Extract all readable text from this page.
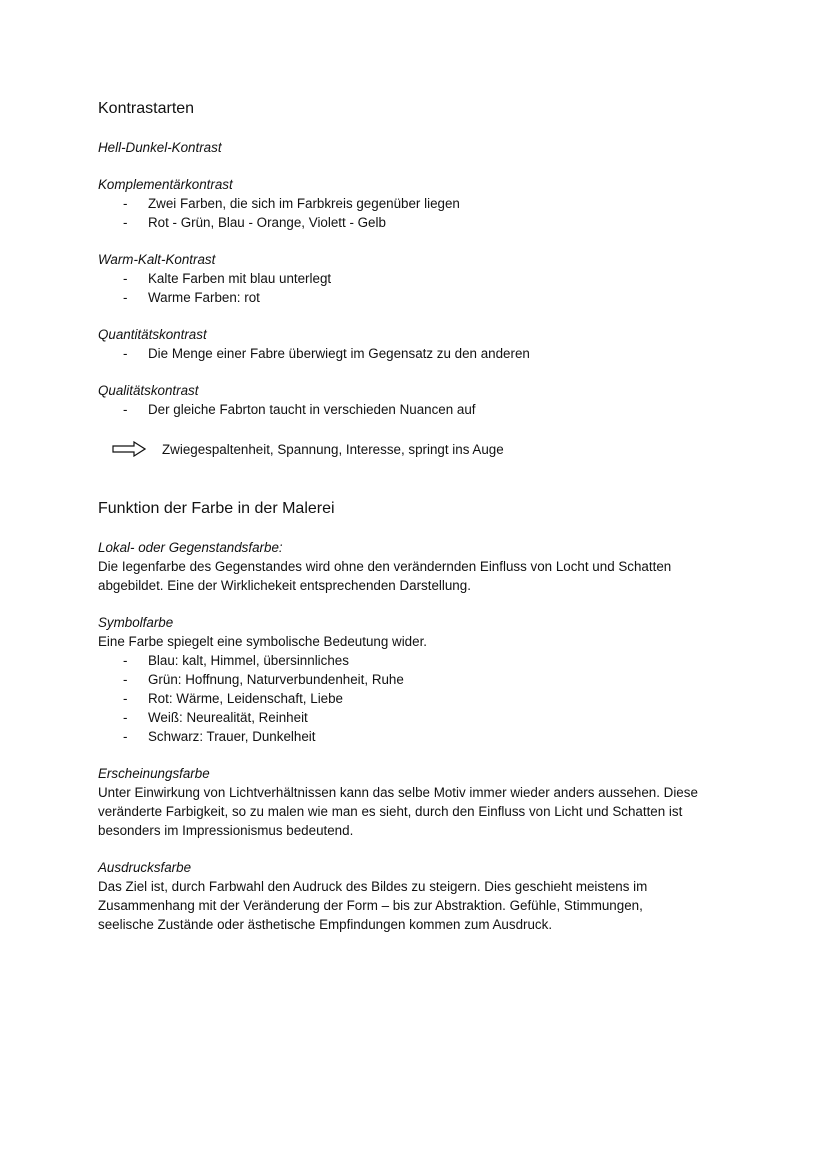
Kontrastarten

Hell-Dunkel-Kontrast

Komplementärkontrast

- Zwei Farben, die sich im Farbkreis gegenüber liegen
- Rot - Grün, Blau - Orange, Violett - Gelb

Warm-Kalt-Kontrast

- Kalte Farben mit blau unterlegt
- Warme Farben: rot

Quantitätskontrast

- Die Menge einer Fabre überwiegt im Gegensatz zu den anderen

Qualitätskontrast

- Der gleiche Fabrton taucht in verschieden Nuancen auf
Zwiegespaltenheit, Spannung, Interesse, springt ins Auge
Funktion der Farbe in der Malerei

Lokal- oder Gegenstandsfarbe:

Die Iegenfarbe des Gegenstandes wird ohne den verändernden Einfluss von Locht und Schatten

abgebildet. Eine der Wirklichekeit entsprechenden Darstellung.

Symbolfarbe

Eine Farbe spiegelt eine symbolische Bedeutung wider.

- Blau: kalt, Himmel, übersinnliches
- Grün: Hoffnung, Naturverbundenheit, Ruhe
- Rot: Wärme, Leidenschaft, Liebe
- Weiß: Neurealität, Reinheit
- Schwarz: Trauer, Dunkelheit

Erscheinungsfarbe

Unter Einwirkung von Lichtverhältnissen kann das selbe Motiv immer wieder anders aussehen. Diese

veränderte Farbigkeit, so zu malen wie man es sieht, durch den Einfluss von Licht und Schatten ist

besonders im Impressionismus bedeutend.

Ausdrucksfarbe

Das Ziel ist, durch Farbwahl den Audruck des Bildes zu steigern. Dies geschieht meistens im

Zusammenhang mit der Veränderung der Form – bis zur Abstraktion. Gefühle, Stimmungen,

seelische Zustände oder ästhetische Empfindungen kommen zum Ausdruck.
